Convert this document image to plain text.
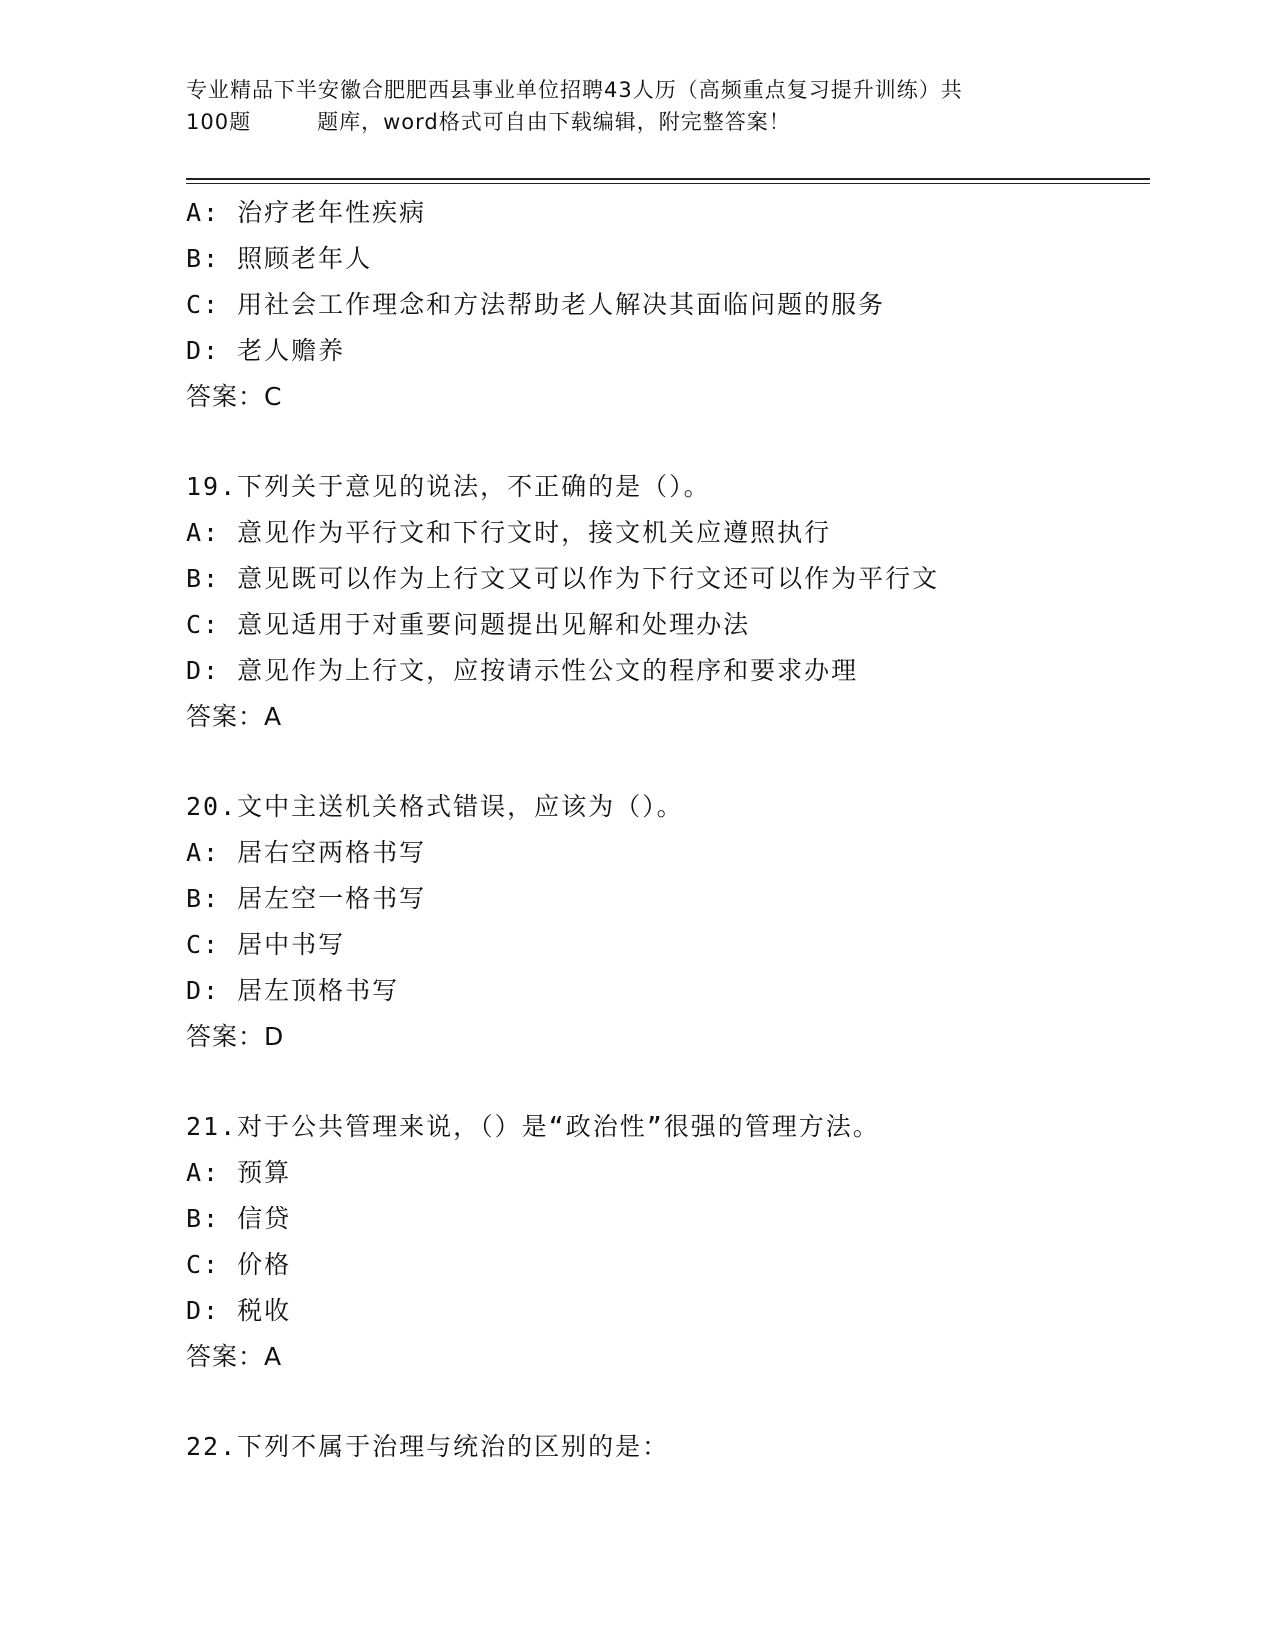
专业精品下半安徽合肥肥西县事业单位招聘43人历（高频重点复习提升训练）共
100题	题库，word格式可自由下载编辑，附完整答案！
A: 治疗老年性疾病
B: 照顾老年人
C: 用社会工作理念和方法帮助老人解决其面临问题的服务
D: 老人赡养
答案：C
19.下列关于意见的说法，不正确的是（）。
A: 意见作为平行文和下行文时，接文机关应遵照执行
B: 意见既可以作为上行文又可以作为下行文还可以作为平行文
C: 意见适用于对重要问题提出见解和处理办法
D: 意见作为上行文，应按请示性公文的程序和要求办理
答案：A
20.文中主送机关格式错误，应该为（）。
A: 居右空两格书写
B: 居左空一格书写
C: 居中书写
D: 居左顶格书写
答案：D
21.对于公共管理来说，（）是“政治性”很强的管理方法。
A: 预算
B: 信贷
C: 价格
D: 税收
答案：A
22.下列不属于治理与统治的区别的是：
